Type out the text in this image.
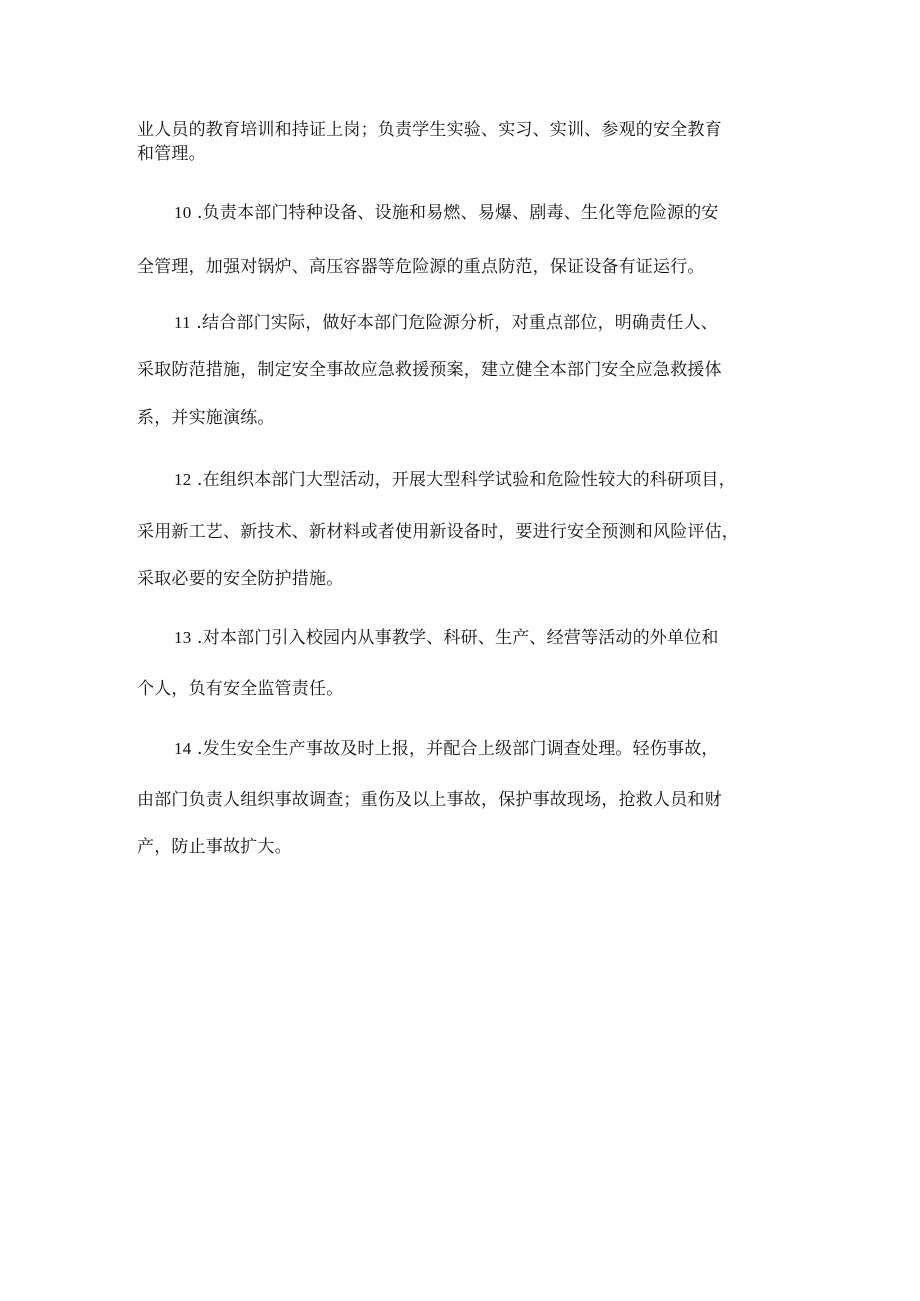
业人员的教育培训和持证上岗；负责学生实验、实习、实训、参观的安全教育
和管理。
10 .负责本部门特种设备、设施和易燃、易爆、剧毒、生化等危险源的安
全管理，加强对锅炉、高压容器等危险源的重点防范，保证设备有证运行。
11 .结合部门实际，做好本部门危险源分析，对重点部位，明确责任人、
采取防范措施，制定安全事故应急救援预案，建立健全本部门安全应急救援体
系，并实施演练。
12 .在组织本部门大型活动，开展大型科学试验和危险性较大的科研项目，
采用新工艺、新技术、新材料或者使用新设备时，要进行安全预测和风险评估，
采取必要的安全防护措施。
13 .对本部门引入校园内从事教学、科研、生产、经营等活动的外单位和
个人，负有安全监管责任。
14 .发生安全生产事故及时上报，并配合上级部门调查处理。轻伤事故，
由部门负责人组织事故调查；重伤及以上事故，保护事故现场，抢救人员和财
产，防止事故扩大。
